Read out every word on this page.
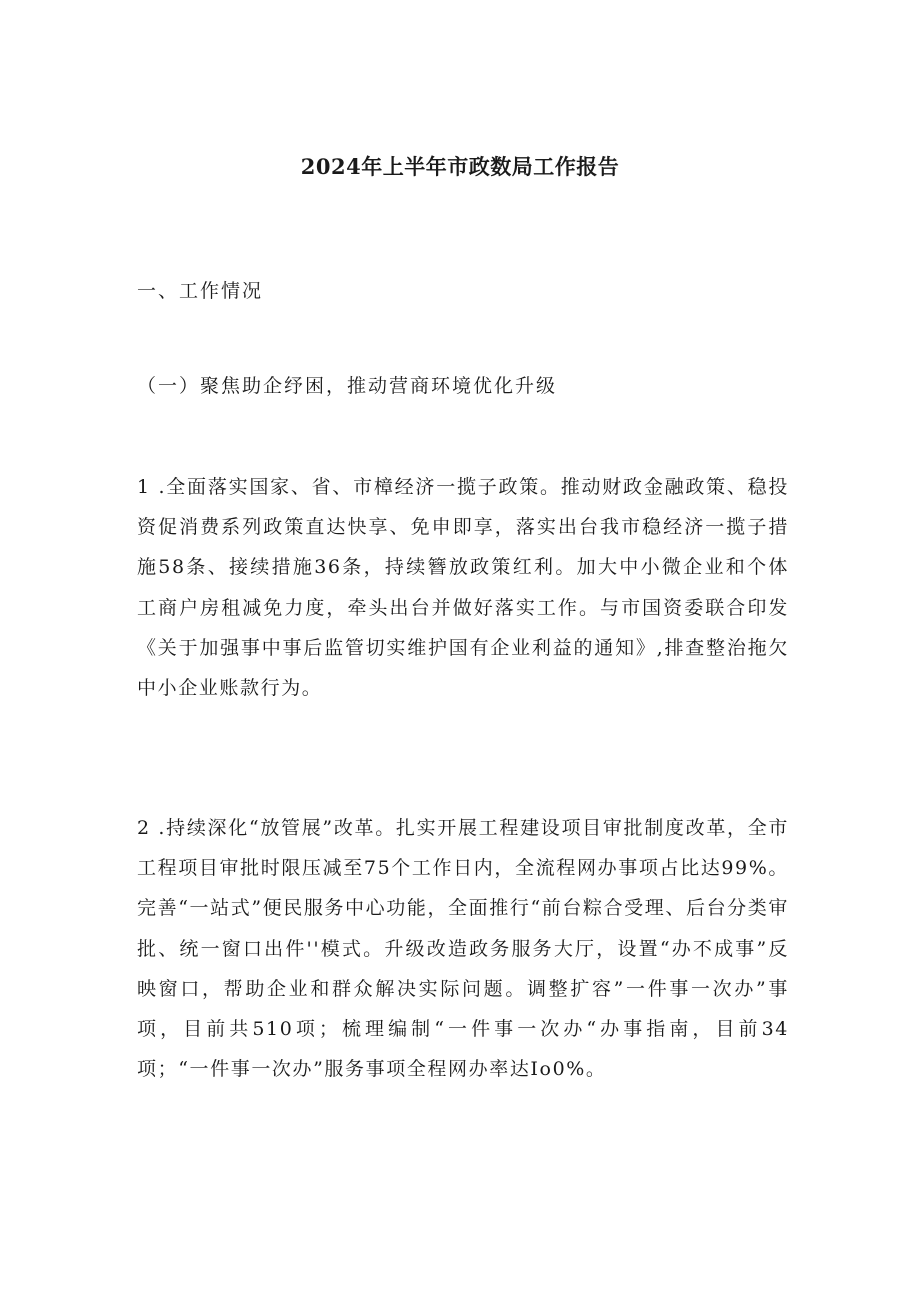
2024年上半年市政数局工作报告
一、工作情况
（一）聚焦助企纾困，推动营商环境优化升级

1 .全面落实国家、省、市樟经济一揽子政策。推动财政金融政策、稳投资促消费系列政策直达快享、免申即享，落实出台我市稳经济一揽子措施58条、接续措施36条，持续簪放政策红利。加大中小微企业和个体工商户房租减免力度，牵头出台并做好落实工作。与市国资委联合印发《关于加强事中事后监管切实维护国有企业利益的通知》,排查整治拖欠中小企业账款行为。

2 .持续深化“放管展”改革。扎实开展工程建设项目审批制度改革，全市工程项目审批时限压减至75个工作日内，全流程网办事项占比达99%。完善“一站式”便民服务中心功能，全面推行“前台粽合受理、后台分类审批、统一窗口出件''模式。升级改造政务服务大厅，设置“办不成事”反映窗口，帮助企业和群众解决实际问题。调整扩容”一件事一次办”事项，目前共510项；梳理编制“一件事一次办“办事指南，目前34项；“一件事一次办”服务事项全程网办率达Io0%。
